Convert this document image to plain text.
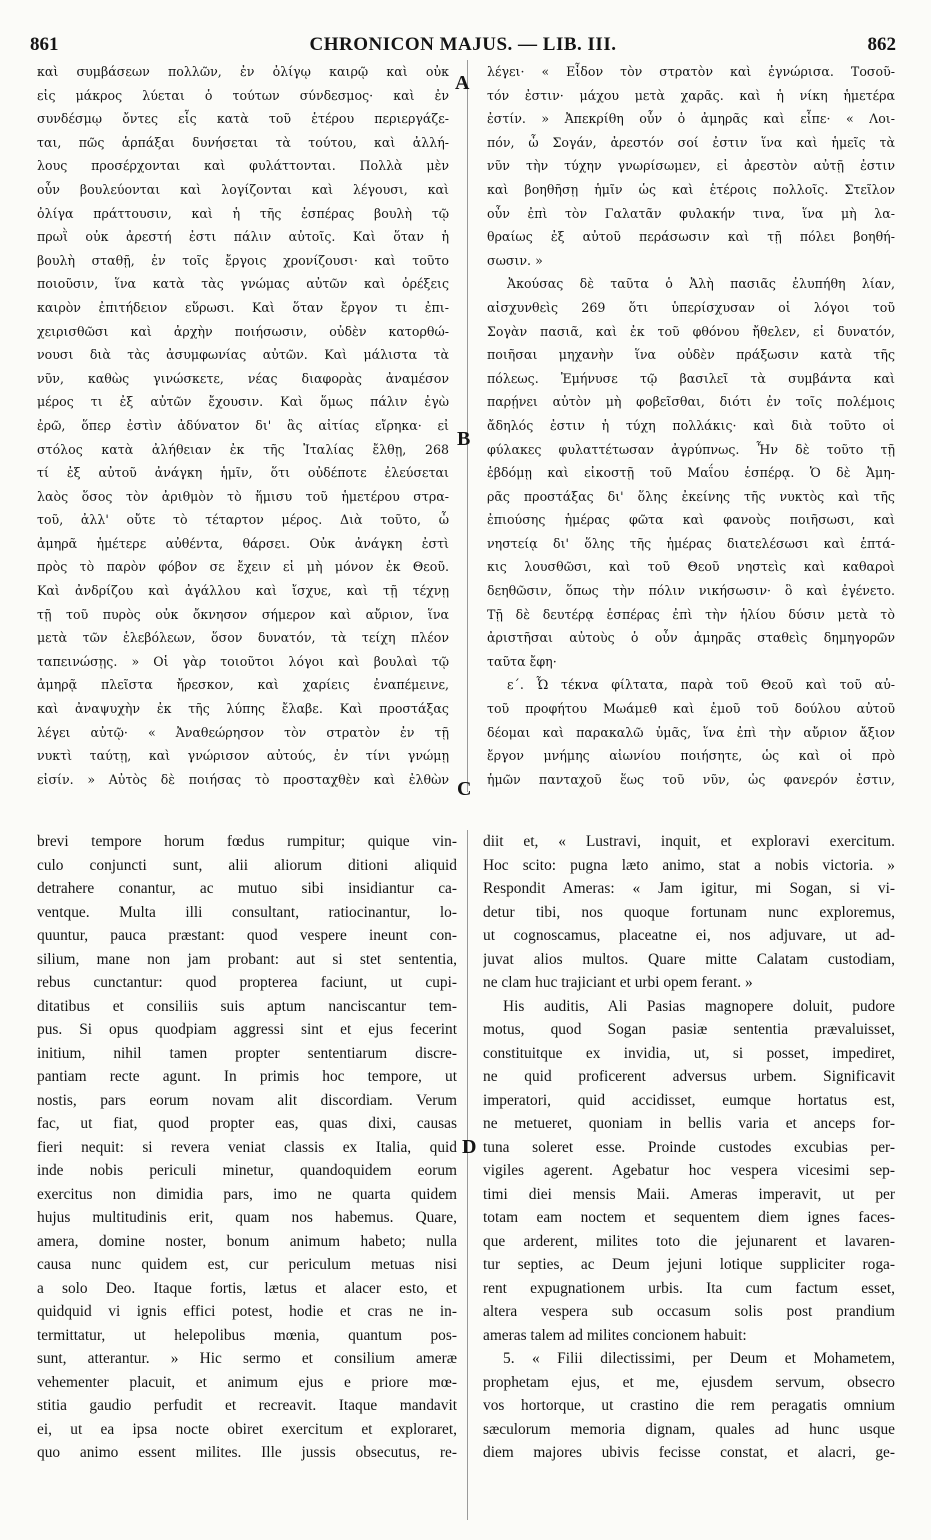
861	CHRONICON MAJUS. — LIB. III.	862
καὶ συμβάσεων πολλῶν, ἐν ὀλίγῳ καιρῷ καὶ οὐκ
εἰς μάκρος λύεται ὁ τούτων σύνδεσμος· καὶ ἐν
συνδέσμῳ ὄντες εἷς κατὰ τοῦ ἑτέρου περιεργάζε-
ται, πῶς ἁρπάξαι δυνήσεται τὰ τούτου, καὶ ἀλλή-
λους προσέρχονται καὶ φυλάττονται. Πολλὰ μὲν
οὖν βουλεύονται καὶ λογίζονται καὶ λέγουσι, καὶ
ὀλίγα πράττουσιν, καὶ ἡ τῆς ἑσπέρας βουλὴ τῷ
πρωῒ οὐκ ἀρεστή ἐστι πάλιν αὐτοῖς. Καὶ ὅταν ἡ
βουλὴ σταθῇ, ἐν τοῖς ἔργοις χρονίζουσι· καὶ τοῦτο
ποιοῦσιν, ἵνα κατὰ τὰς γνώμας αὐτῶν καὶ ὀρέξεις
καιρὸν ἐπιτήδειον εὕρωσι. Καὶ ὅταν ἔργον τι ἐπι-
χειρισθῶσι καὶ ἀρχὴν ποιήσωσιν, οὐδὲν κατορθώ-
νουσι διὰ τὰς ἀσυμφωνίας αὐτῶν. Καὶ μάλιστα τὰ
νῦν, καθὼς γινώσκετε, νέας διαφορὰς ἀναμέσον
μέρος τι ἐξ αὐτῶν ἔχουσιν. Καὶ ὅμως πάλιν ἐγὼ
ἐρῶ, ὅπερ ἐστὶν ἀδύνατον δι' ἃς αἰτίας εἴρηκα· εἰ
στόλος κατὰ ἀλήθειαν ἐκ τῆς Ἰταλίας ἔλθῃ, 268
τί ἐξ αὐτοῦ ἀνάγκη ἡμῖν, ὅτι οὐδέποτε ἐλεύσεται
λαὸς ὅσος τὸν ἀριθμὸν τὸ ἥμισυ τοῦ ἡμετέρου στρα-
τοῦ, ἀλλ' οὔτε τὸ τέταρτον μέρος. Διὰ τοῦτο, ὦ
ἀμηρᾶ ἡμέτερε αὐθέντα, θάρσει. Οὐκ ἀνάγκη ἐστὶ
πρὸς τὸ παρὸν φόβον σε ἔχειν εἰ μὴ μόνον ἐκ Θεοῦ.
Καὶ ἀνδρίζου καὶ ἀγάλλου καὶ ἴσχυε, καὶ τῇ τέχνῃ
τῇ τοῦ πυρὸς οὐκ ὄκνησον σήμερον καὶ αὔριον, ἵνα
μετὰ τῶν ἑλεβόλεων, ὅσον δυνατόν, τὰ τείχη πλέον
ταπεινώσῃς. » Οἱ γὰρ τοιοῦτοι λόγοι καὶ βουλαὶ τῷ
ἀμηρᾷ πλεῖστα ἤρεσκον, καὶ χαρίεις ἐναπέμεινε,
καὶ ἀναψυχὴν ἐκ τῆς λύπης ἔλαβε. Καὶ προστάξας
λέγει αὐτῷ· « Ἀναθεώρησον τὸν στρατὸν ἐν τῇ
νυκτὶ ταύτῃ, καὶ γνώρισον αὐτούς, ἐν τίνι γνώμῃ
εἰσίν. » Αὐτὸς δὲ ποιήσας τὸ προσταχθὲν καὶ ἐλθὼν
λέγει· « Εἶδον τὸν στρατὸν καὶ ἐγνώρισα. Τοσοῦ-
τόν ἐστιν· μάχου μετὰ χαρᾶς. καὶ ἡ νίκη ἡμετέρα
ἐστίν. » Ἀπεκρίθη οὖν ὁ ἀμηρᾶς καὶ εἶπε· « Λοι-
πόν, ὦ Σογάν, ἀρεστόν σοί ἐστιν ἵνα καὶ ἡμεῖς τὰ
νῦν τὴν τύχην γνωρίσωμεν, εἰ ἀρεστὸν αὐτῇ ἐστιν
καὶ βοηθῆσῃ ἡμῖν ὡς καὶ ἑτέροις πολλοῖς. Στεῖλον
οὖν ἐπὶ τὸν Γαλατᾶν φυλακήν τινα, ἵνα μὴ λα-
θραίως ἐξ αὐτοῦ περάσωσιν καὶ τῇ πόλει βοηθή-
σωσιν. »
Ἀκούσας δὲ ταῦτα ὁ Ἀλὴ πασιᾶς ἐλυπήθη λίαν,
αἰσχυνθεὶς 269 ὅτι ὑπερίσχυσαν οἱ λόγοι τοῦ
Σογὰν πασιᾶ, καὶ ἐκ τοῦ φθόνου ἤθελεν, εἰ δυνατόν,
ποιῆσαι μηχανὴν ἵνα οὐδὲν πράξωσιν κατὰ τῆς
πόλεως. Ἐμήνυσε τῷ βασιλεῖ τὰ συμβάντα καὶ
παρῄνει αὐτὸν μὴ φοβεῖσθαι, διότι ἐν τοῖς πολέμοις
ἄδηλός ἐστιν ἡ τύχη πολλάκις· καὶ διὰ τοῦτο οἱ
φύλακες φυλαττέτωσαν ἀγρύπνως. Ἦν δὲ τοῦτο τῇ
ἑβδόμῃ καὶ εἰκοστῇ τοῦ Μαΐου ἑσπέρᾳ. Ὁ δὲ Ἀμη-
ρᾶς προστάξας δι' ὅλης ἐκείνης τῆς νυκτὸς καὶ τῆς
ἐπιούσης ἡμέρας φῶτα καὶ φανοὺς ποιῆσωσι, καὶ
νηστείᾳ δι' ὅλης τῆς ἡμέρας διατελέσωσι καὶ ἑπτά-
κις λουσθῶσι, καὶ τοῦ Θεοῦ νηστεὶς καὶ καθαροὶ
δεηθῶσιν, ὅπως τὴν πόλιν νικήσωσιν· ὃ καὶ ἐγένετο.
Τῇ δὲ δευτέρᾳ ἑσπέρας ἐπὶ τὴν ἡλίου δύσιν μετὰ τὸ
ἀριστῆσαι αὐτοὺς ὁ οὖν ἀμηρᾶς σταθεὶς δημηγορῶν
ταῦτα ἔφη·
ε΄. Ὦ τέκνα φίλτατα, παρὰ τοῦ Θεοῦ καὶ τοῦ αὐ-
τοῦ προφήτου Μωάμεθ καὶ ἐμοῦ τοῦ δούλου αὐτοῦ
δέομαι καὶ παρακαλῶ ὑμᾶς, ἵνα ἐπὶ τὴν αὔριον ἄξιον
ἔργον μνήμης αἰωνίου ποιήσητε, ὡς καὶ οἱ πρὸ
ἡμῶν πανταχοῦ ἕως τοῦ νῦν, ὡς φανερόν ἐστιν,
brevi tempore horum fœdus rumpitur; quique vin-
culo conjuncti sunt, alii aliorum ditioni aliquid
detrahere conantur, ac mutuo sibi insidiantur ca-
ventque. Multa illi consultant, ratiocinantur, lo-
quuntur, pauca præstant: quod vespere ineunt con-
silium, mane non jam probant: aut si stet sententia,
rebus cunctantur: quod propterea faciunt, ut cupi-
ditatibus et consiliis suis aptum nanciscantur tem-
pus. Si opus quodpiam aggressi sint et ejus fecerint
initium, nihil tamen propter sententiarum discre-
pantiam recte agunt. In primis hoc tempore, ut
nostis, pars eorum novam alit discordiam. Verum
fac, ut fiat, quod propter eas, quas dixi, causas
fieri nequit: si revera veniat classis ex Italia, quid
inde nobis periculi minetur, quandoquidem eorum
exercitus non dimidia pars, imo ne quarta quidem
hujus multitudinis erit, quam nos habemus. Quare,
amera, domine noster, bonum animum habeto; nulla
causa nunc quidem est, cur periculum metuas nisi
a solo Deo. Itaque fortis, lætus et alacer esto, et
quidquid vi ignis effici potest, hodie et cras ne in-
termittatur, ut helepolibus mœnia, quantum pos-
sunt, atterantur. » Hic sermo et consilium ameræ
vehementer placuit, et animum ejus e priore mœ-
stitia gaudio perfudit et recreavit. Itaque mandavit
ei, ut ea ipsa nocte obiret exercitum et exploraret,
quo animo essent milites. Ille jussis obsecutus, re-
diit et, « Lustravi, inquit, et exploravi exercitum.
Hoc scito: pugna læto animo, stat a nobis victoria. »
Respondit Ameras: « Jam igitur, mi Sogan, si vi-
detur tibi, nos quoque fortunam nunc exploremus,
ut cognoscamus, placeatne ei, nos adjuvare, ut ad-
juvat alios multos. Quare mitte Calatam custodiam,
ne clam huc trajiciant et urbi opem ferant. »
His auditis, Ali Pasias magnopere doluit, pudore
motus, quod Sogan pasiæ sententia prævaluisset,
constituitque ex invidia, ut, si posset, impediret,
ne quid proficerent adversus urbem. Significavit
imperatori, quid accidisset, eumque hortatus est,
ne metueret, quoniam in bellis varia et anceps for-
tuna soleret esse. Proinde custodes excubias per-
vigiles agerent. Agebatur hoc vespera vicesimi sep-
timi diei mensis Maii. Ameras imperavit, ut per
totam eam noctem et sequentem diem ignes faces-
que arderent, milites toto die jejunarent et lavaren-
tur septies, ac Deum jejuni lotique suppliciter roga-
rent expugnationem urbis. Ita cum factum esset,
altera vespera sub occasum solis post prandium
ameras talem ad milites concionem habuit:
5. « Filii dilectissimi, per Deum et Mohametem,
prophetam ejus, et me, ejusdem servum, obsecro
vos hortorque, ut crastino die rem peragatis omnium
sæculorum memoria dignam, quales ad hunc usque
diem majores ubivis fecisse constat, et alacri, ge-
A
B
C
D
